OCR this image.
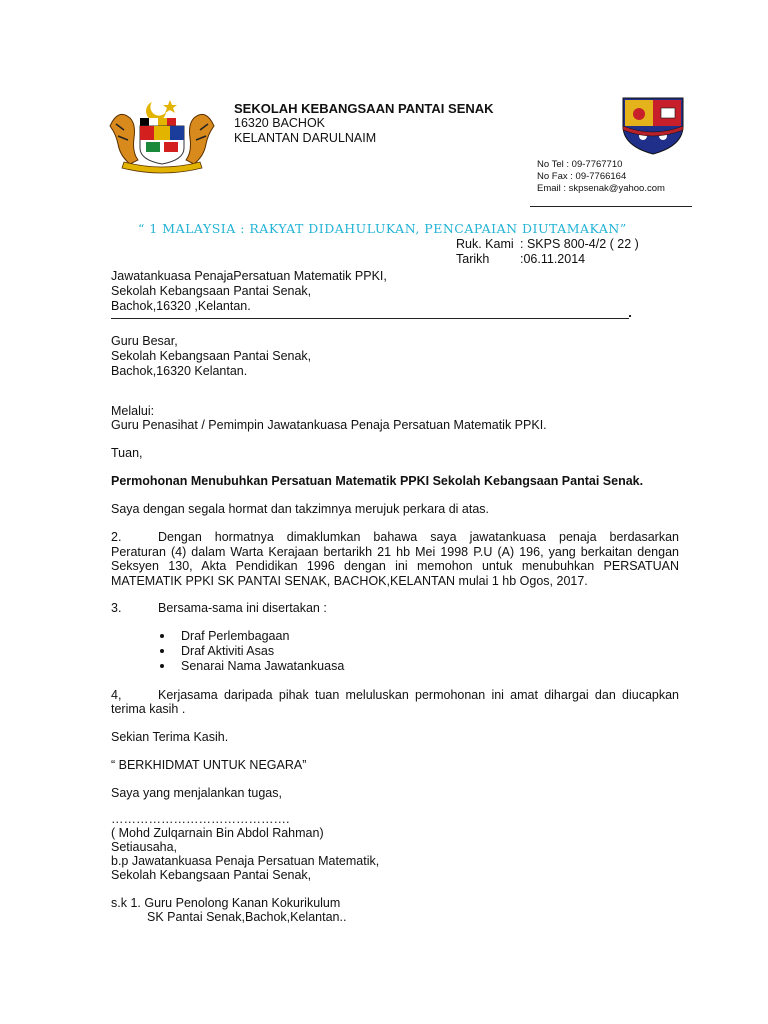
SEKOLAH KEBANGSAAN PANTAI SENAK
16320 BACHOK
KELANTAN DARULNAIM
No Tel : 09-7767710
No Fax : 09-7766164
Email : skpsenak@yahoo.com
“ 1 MALAYSIA : RAKYAT DIDAHULUKAN, PENCAPAIAN DIUTAMAKAN”
Ruk. Kami : SKPS 800-4/2 ( 22 )
Tarikh :06.11.2014
Jawatankuasa PenajaPersatuan Matematik PPKI,
Sekolah Kebangsaan Pantai Senak,
Bachok,16320 ,Kelantan.
Guru Besar,
Sekolah Kebangsaan Pantai Senak,
Bachok,16320 Kelantan.
Melalui:
Guru Penasihat / Pemimpin Jawatankuasa Penaja Persatuan Matematik PPKI.
Tuan,
Permohonan Menubuhkan Persatuan Matematik PPKI Sekolah Kebangsaan Pantai Senak.
Saya dengan segala hormat dan takzimnya merujuk perkara di atas.
2.	Dengan hormatnya dimaklumkan bahawa saya jawatankuasa penaja berdasarkan
Peraturan (4) dalam Warta Kerajaan bertarikh 21 hb Mei 1998 P.U (A) 196, yang berkaitan dengan
Seksyen 130, Akta Pendidikan 1996 dengan ini memohon untuk menubuhkan PERSATUAN
MATEMATIK PPKI SK PANTAI SENAK, BACHOK,KELANTAN mulai 1 hb Ogos, 2017.
3.	Bersama-sama ini disertakan :
Draf Perlembagaan
Draf Aktiviti Asas
Senarai Nama Jawatankuasa
4,	Kerjasama daripada pihak tuan meluluskan permohonan ini amat dihargai dan diucapkan
terima kasih .
Sekian Terima Kasih.
“ BERKHIDMAT UNTUK NEGARA”
Saya yang menjalankan tugas,
…………………………………….
( Mohd Zulqarnain Bin Abdol Rahman)
Setiausaha,
b.p Jawatankuasa Penaja Persatuan Matematik,
Sekolah Kebangsaan Pantai Senak,
s.k 1. Guru Penolong Kanan Kokurikulum
SK Pantai Senak,Bachok,Kelantan..
